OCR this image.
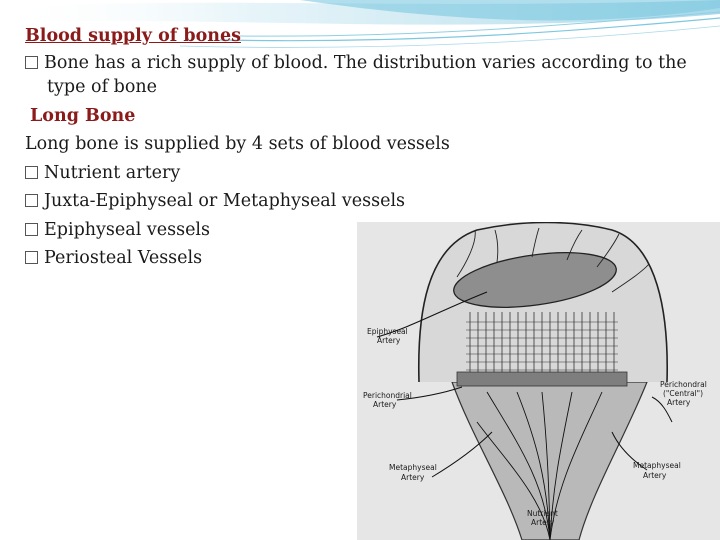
Blood supply of bones
Bone has a rich supply of blood. The distribution varies according to the type of bone
Long Bone
Long bone is supplied by 4 sets of blood vessels
Nutrient artery
Juxta-Epiphyseal or Metaphyseal vessels
Epiphyseal vessels
Periosteal Vessels
Epiphyseal
Artery
Perichondrial
Artery
Perichondral
("Central")
Artery
Metaphyseal
Artery
Metaphyseal
Artery
Nutrient
Artery
